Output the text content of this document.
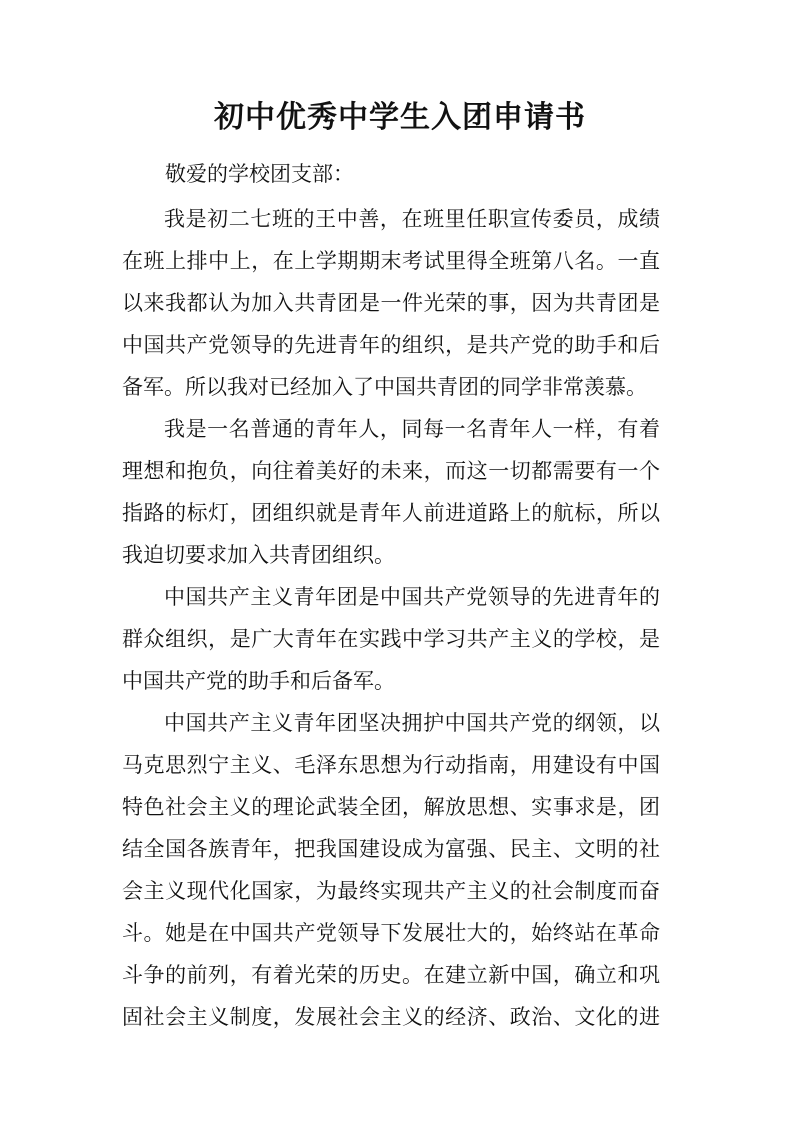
初中优秀中学生入团申请书
敬爱的学校团支部：

我是初二七班的王中善，在班里任职宣传委员，成绩
在班上排中上，在上学期期末考试里得全班第八名。一直
以来我都认为加入共青团是一件光荣的事，因为共青团是
中国共产党领导的先进青年的组织，是共产党的助手和后
备军。所以我对已经加入了中国共青团的同学非常羡慕。

我是一名普通的青年人，同每一名青年人一样，有着
理想和抱负，向往着美好的未来，而这一切都需要有一个
指路的标灯，团组织就是青年人前进道路上的航标，所以
我迫切要求加入共青团组织。

中国共产主义青年团是中国共产党领导的先进青年的
群众组织，是广大青年在实践中学习共产主义的学校，是
中国共产党的助手和后备军。

中国共产主义青年团坚决拥护中国共产党的纲领，以
马克思烈宁主义、毛泽东思想为行动指南，用建设有中国
特色社会主义的理论武装全团，解放思想、实事求是，团
结全国各族青年，把我国建设成为富强、民主、文明的社
会主义现代化国家，为最终实现共产主义的社会制度而奋
斗。她是在中国共产党领导下发展壮大的，始终站在革命
斗争的前列，有着光荣的历史。在建立新中国，确立和巩
固社会主义制度，发展社会主义的经济、政治、文化的进
